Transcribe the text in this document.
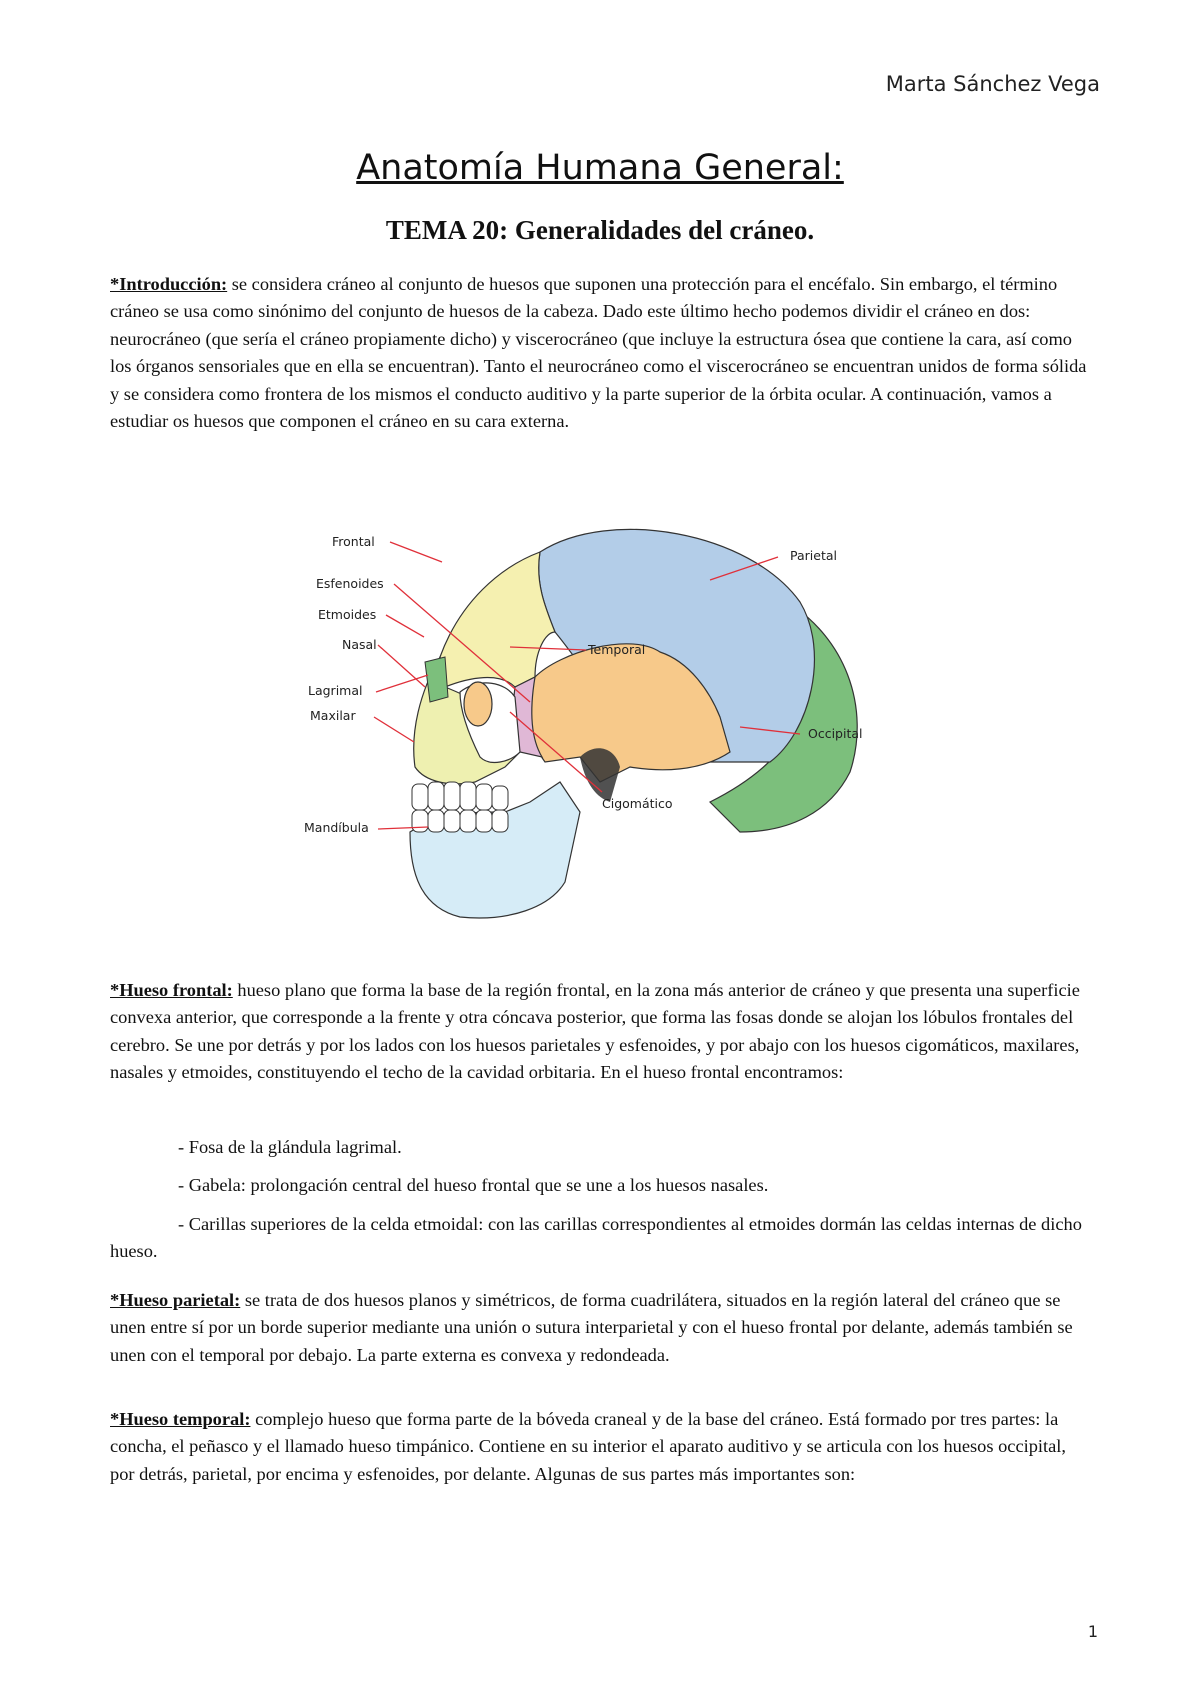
Marta Sánchez Vega
Anatomía Humana General:
TEMA 20: Generalidades del cráneo.

*Introducción: se considera cráneo al conjunto de huesos que suponen una protección para el encéfalo. Sin embargo, el término cráneo se usa como sinónimo del conjunto de huesos de la cabeza. Dado este último hecho podemos dividir el cráneo en dos: neurocráneo (que sería el cráneo propiamente dicho) y viscerocráneo (que incluye la estructura ósea que contiene la cara, así como los órganos sensoriales que en ella se encuentran). Tanto el neurocráneo como el viscerocráneo se encuentran unidos de forma sólida y se considera como frontera de los mismos el conducto auditivo y la parte superior de la órbita ocular. A continuación, vamos a estudiar os huesos que componen el cráneo en su cara externa.

Parietal
Frontal
Esfenoides
Etmoides
Nasal	Temporal
Lagrimal
Maxilar
Occipital
Cigomático
Mandíbula

*Hueso frontal: hueso plano que forma la base de la región frontal, en la zona más anterior de cráneo y que presenta una superficie convexa anterior, que corresponde a la frente y otra cóncava posterior, que forma las fosas donde se alojan los lóbulos frontales del cerebro. Se une por detrás y por los lados con los huesos parietales y esfenoides, y por abajo con los huesos cigomáticos, maxilares, nasales y etmoides, constituyendo el techo de la cavidad orbitaria. En el hueso frontal encontramos:

- Fosa de la glándula lagrimal.

- Gabela: prolongación central del hueso frontal que se une a los huesos nasales.

- Carillas superiores de la celda etmoidal: con las carillas correspondientes al etmoides dormán las celdas internas de dicho hueso.

*Hueso parietal: se trata de dos huesos planos y simétricos, de forma cuadrilátera, situados en la región lateral del cráneo que se unen entre sí por un borde superior mediante una unión o sutura interparietal y con el hueso frontal por delante, además también se unen con el temporal por debajo. La parte externa es convexa y redondeada.

*Hueso temporal: complejo hueso que forma parte de la bóveda craneal y de la base del cráneo. Está formado por tres partes: la concha, el peñasco y el llamado hueso timpánico. Contiene en su interior el aparato auditivo y se articula con los huesos occipital, por detrás, parietal, por encima y esfenoides, por delante. Algunas de sus partes más importantes son:

1
